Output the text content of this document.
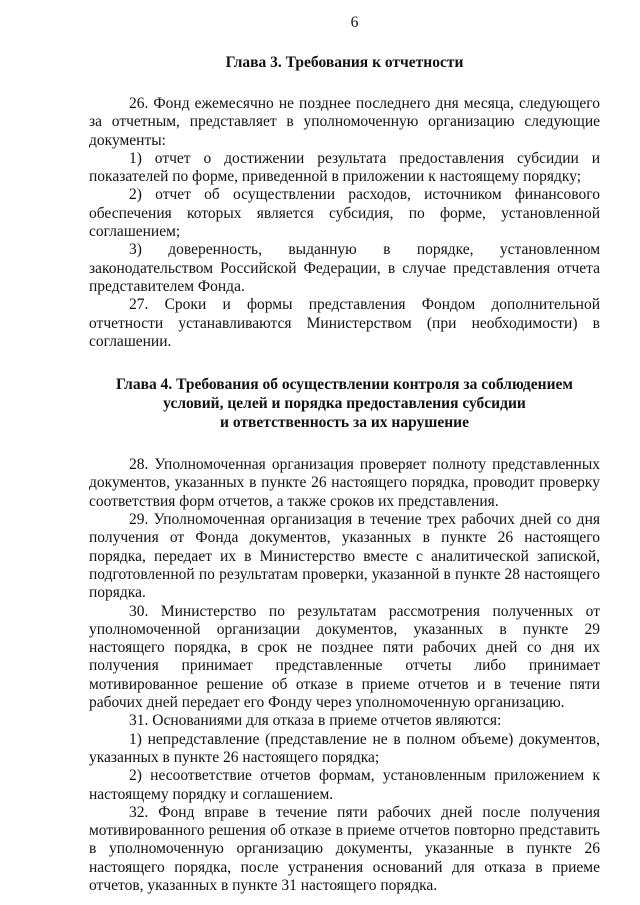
6
Глава 3. Требования к отчетности

26. Фонд ежемесячно не позднее последнего дня месяца, следующего за отчетным, представляет в уполномоченную организацию следующие документы:

1) отчет о достижении результата предоставления субсидии и показателей по форме, приведенной в приложении к настоящему порядку;

2) отчет об осуществлении расходов, источником финансового обеспечения которых является субсидия, по форме, установленной соглашением;

3) доверенность, выданную в порядке, установленном законодательством Российской Федерации, в случае представления отчета представителем Фонда.

27. Сроки и формы представления Фондом дополнительной отчетности устанавливаются Министерством (при необходимости) в соглашении.

Глава 4. Требования об осуществлении контроля за соблюдением
условий, целей и порядка предоставления субсидии
и ответственность за их нарушение

28. Уполномоченная организация проверяет полноту представленных документов, указанных в пункте 26 настоящего порядка, проводит проверку соответствия форм отчетов, а также сроков их представления.

29. Уполномоченная организация в течение трех рабочих дней со дня получения от Фонда документов, указанных в пункте 26 настоящего порядка, передает их в Министерство вместе с аналитической запиской, подготовленной по результатам проверки, указанной в пункте 28 настоящего порядка.

30. Министерство по результатам рассмотрения полученных от уполномоченной организации документов, указанных в пункте 29 настоящего порядка, в срок не позднее пяти рабочих дней со дня их получения принимает представленные отчеты либо принимает мотивированное решение об отказе в приеме отчетов и в течение пяти рабочих дней передает его Фонду через уполномоченную организацию.

31. Основаниями для отказа в приеме отчетов являются:

1) непредставление (представление не в полном объеме) документов, указанных в пункте 26 настоящего порядка;

2) несоответствие отчетов формам, установленным приложением к настоящему порядку и соглашением.

32. Фонд вправе в течение пяти рабочих дней после получения мотивированного решения об отказе в приеме отчетов повторно представить в уполномоченную организацию документы, указанные в пункте 26 настоящего порядка, после устранения оснований для отказа в приеме отчетов, указанных в пункте 31 настоящего порядка.
